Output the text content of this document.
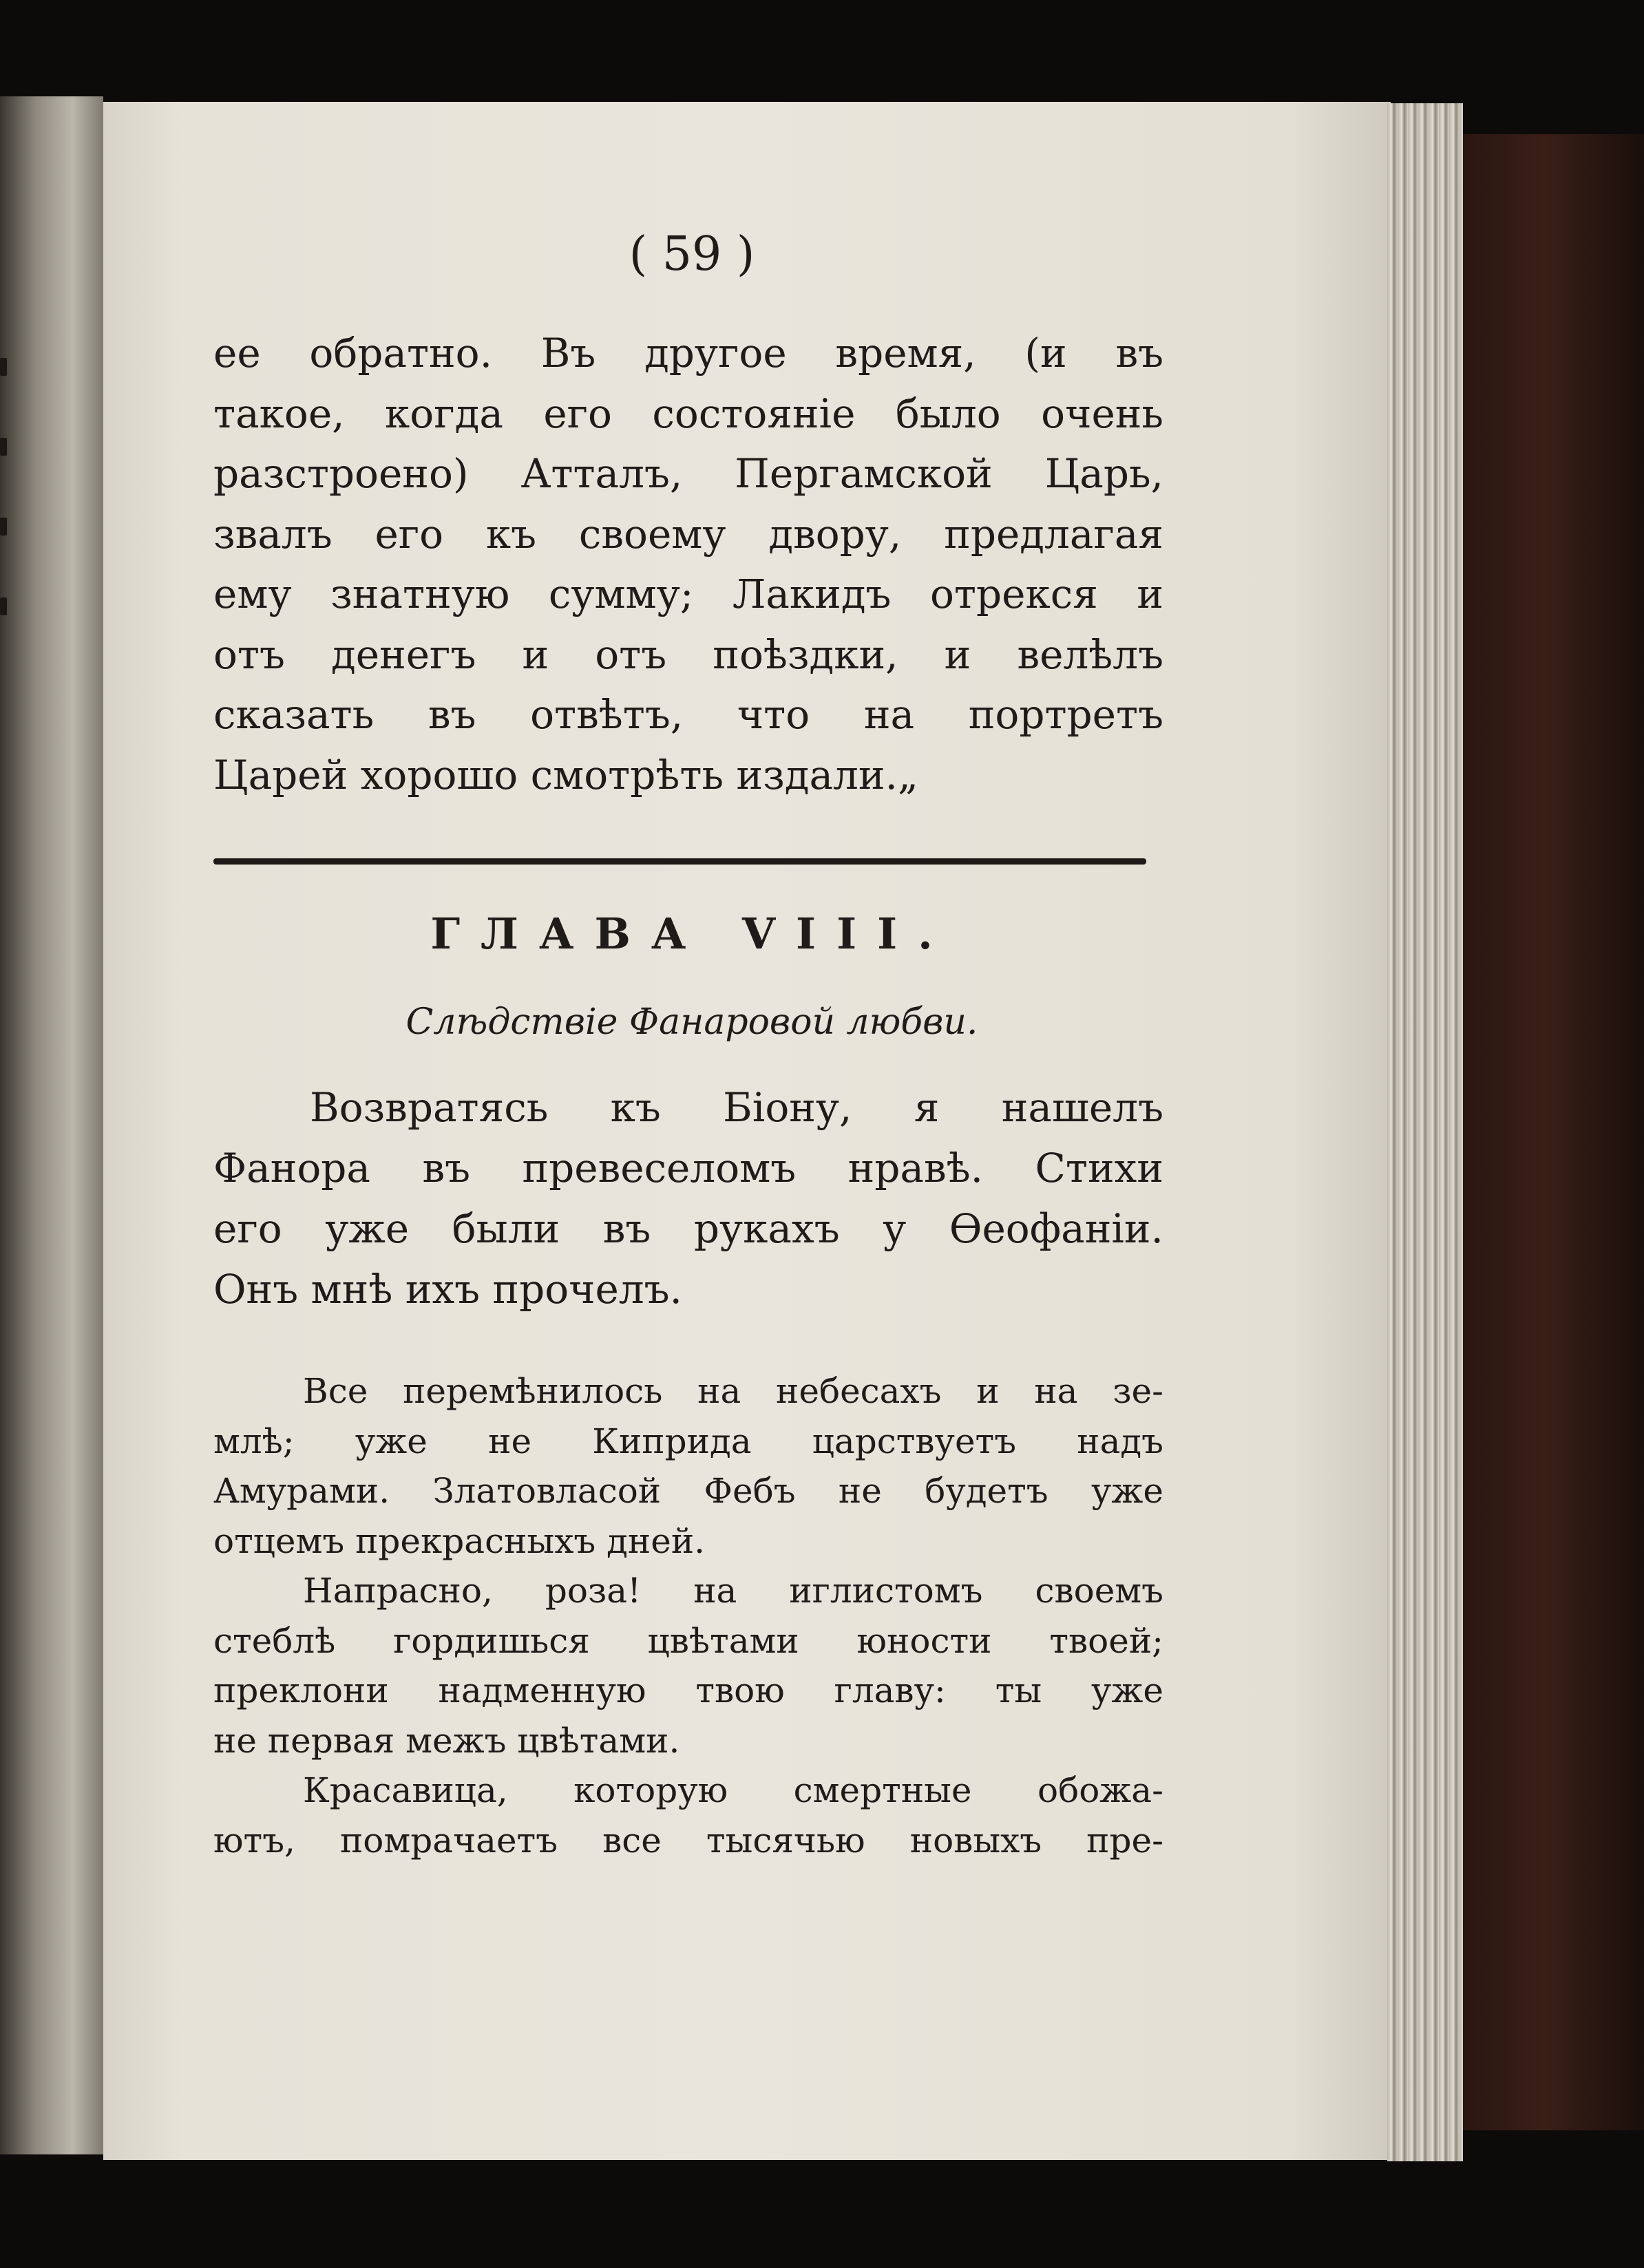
( 59 )
ее обратно. Въ другое время, (и въ
такое, когда его состояніе было очень
разстроено) Атталъ, Пергамской Царь,
звалъ его къ своему двору, предлагая
ему знатную сумму; Лакидъ отрекся и
отъ денегъ и отъ поѣздки, и велѣлъ
сказать въ отвѣтъ, что на портретъ
Царей хорошо смотрѣть издали.„
ГЛАВА VIII.
Слѣдствіе Фанаровой любви.
Возвратясь къ Біону, я нашелъ
Фанора въ превеселомъ нравѣ. Стихи
его уже были въ рукахъ у Ѳеофаніи.
Онъ мнѣ ихъ прочелъ.
Все перемѣнилось на небесахъ и на зе-
млѣ; уже не Киприда царствуетъ надъ
Амурами. Златовласой Фебъ не будетъ уже
отцемъ прекрасныхъ дней.
Напрасно, роза! на иглистомъ своемъ
стеблѣ гордишься цвѣтами юности твоей;
преклони надменную твою главу: ты уже
не первая межъ цвѣтами.
Красавица, которую смертные обожа-
ютъ, помрачаетъ все тысячью новыхъ пре-
